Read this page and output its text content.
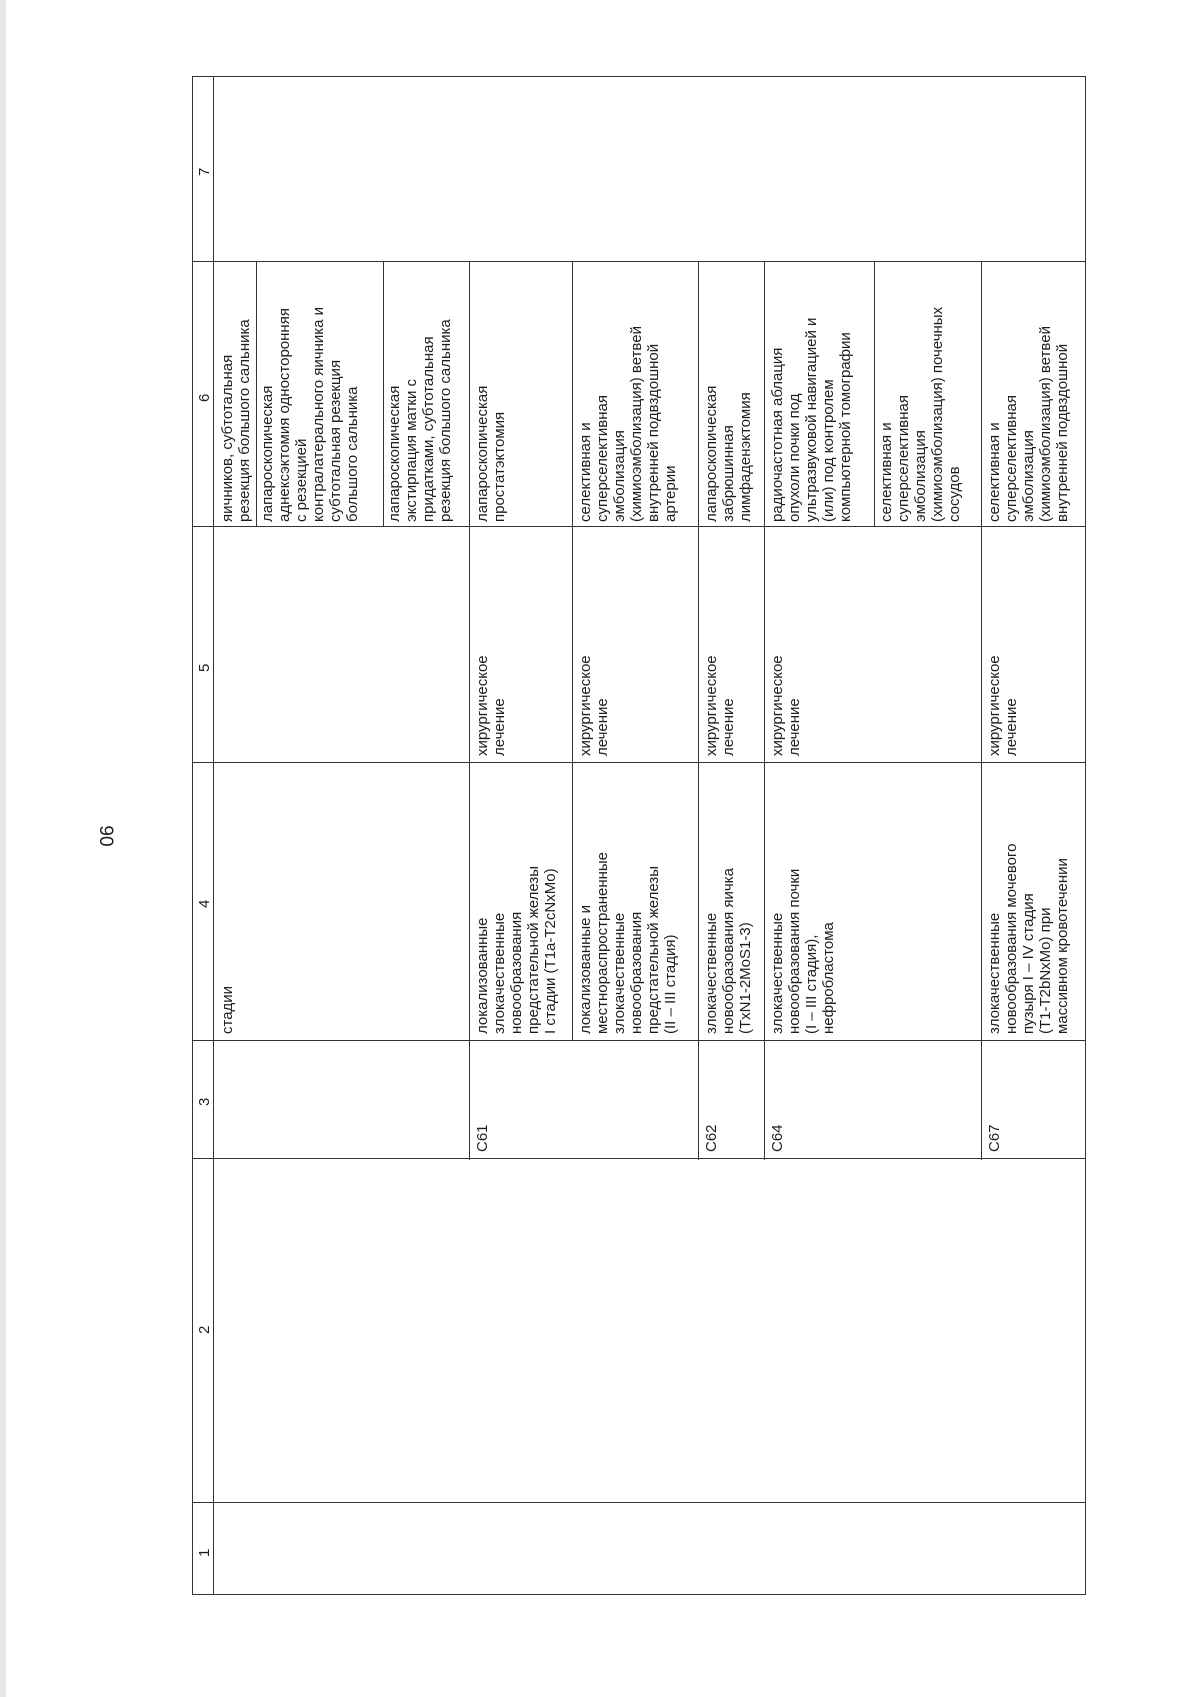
90
7
6
5
4
3
2
1
стадии
яичников, субтотальная
резекция большого сальника
лапароскопическая
аднексэктомия односторонняя
с резекцией
контралатерального яичника и
субтотальная резекция
большого сальника лапароскопическая
экстирпация матки с
придатками, субтотальная
резекция большого сальника
C61
локализованные
злокачественные
новообразования
предстательной железы
I стадии (T1a-T2cNxMo)
хирургическое
лечение
лапароскопическая
простатэктомия
локализованные и
местнораспространенные
злокачественные
новообразования
предстательной железы
(II – III стадия)
хирургическое
лечение
селективная и
суперселективная
эмболизация
(химиоэмболизация) ветвей
внутренней подвздошной
артерии
C62
злокачественные
новообразования яичка
(TxN1-2MoS1-3)
хирургическое
лечение
лапароскопическая
забрюшинная
лимфаденэктомия
C64
злокачественные
новообразования почки
(I – III стадия),
нефробластома
хирургическое
лечение
радиочастотная аблация
опухоли почки под
ультразвуковой навигацией и
(или) под контролем
компьютерной томографии
селективная и
суперселективная
эмболизация
(химиоэмболизация) почечных
сосудов
C67
злокачественные
новообразования мочевого
пузыря I – IV стадия
(T1-T2bNxMo) при
массивном кровотечении
хирургическое
лечение
селективная и
суперселективная
эмболизация
(химиоэмболизация) ветвей
внутренней подвздошной
